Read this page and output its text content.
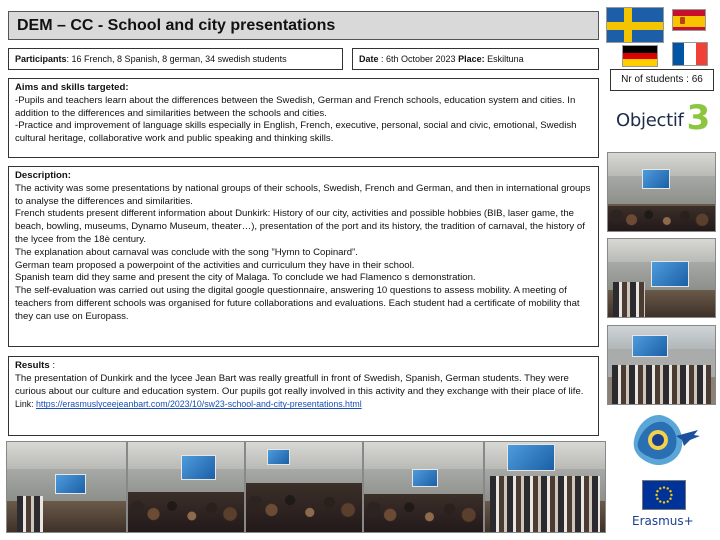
DEM – CC - School and city presentations
Participants: 16 French, 8 Spanish, 8 german, 34 swedish students	Date : 6th October 2023 Place: Eskiltuna
Aims and skills targeted:
-Pupils and teachers learn about the differences between the Swedish, German and French schools, education system and cities. In addition to the differences and similarities between the schools and cities.
-Practice and improvement of language skills especially in English, French, executive, personal, social and civic, emotional, Swedish cultural heritage, collaborative work and public speaking and thinking skills.
Description:
The activity was some presentations by national groups of their schools, Swedish, French and German, and then in international groups to analyse the differences and similarities.
French students present different information about Dunkirk: History of our city, activities and possible hobbies (BIB, laser game, the beach, bowling, museums, Dynamo Museum, theater…), presentation of the port and its history, the tradition of carnaval, the history of the lycee from the 18è century.
The explanation about carnaval was conclude with the song ”Hymn to Copinard”.
German team proposed a powerpoint of the activities and curriculum they have in their school.
Spanish team did they same and present the city of Malaga. To conclude we had Flamenco s demonstration.
The self-evaluation was carried out using the digital google questionnaire, answering 10 questions to assess mobility. A meeting of teachers from different schools was organised for future collaborations and evaluations. Each student had a certificate of mobility that they can use on Europass.
Results :
The presentation of Dunkirk and the lycee Jean Bart was really greatfull in front of Swedish, Spanish, German students. They were curious about our culture and education system. Our pupils got really involved in this activity and they exchange with their place of life.
Link: https://erasmuslyceejeanbart.com/2023/10/sw23-school-and-city-presentations.html
Nr of students : 66
Objectif 3
Erasmus+
